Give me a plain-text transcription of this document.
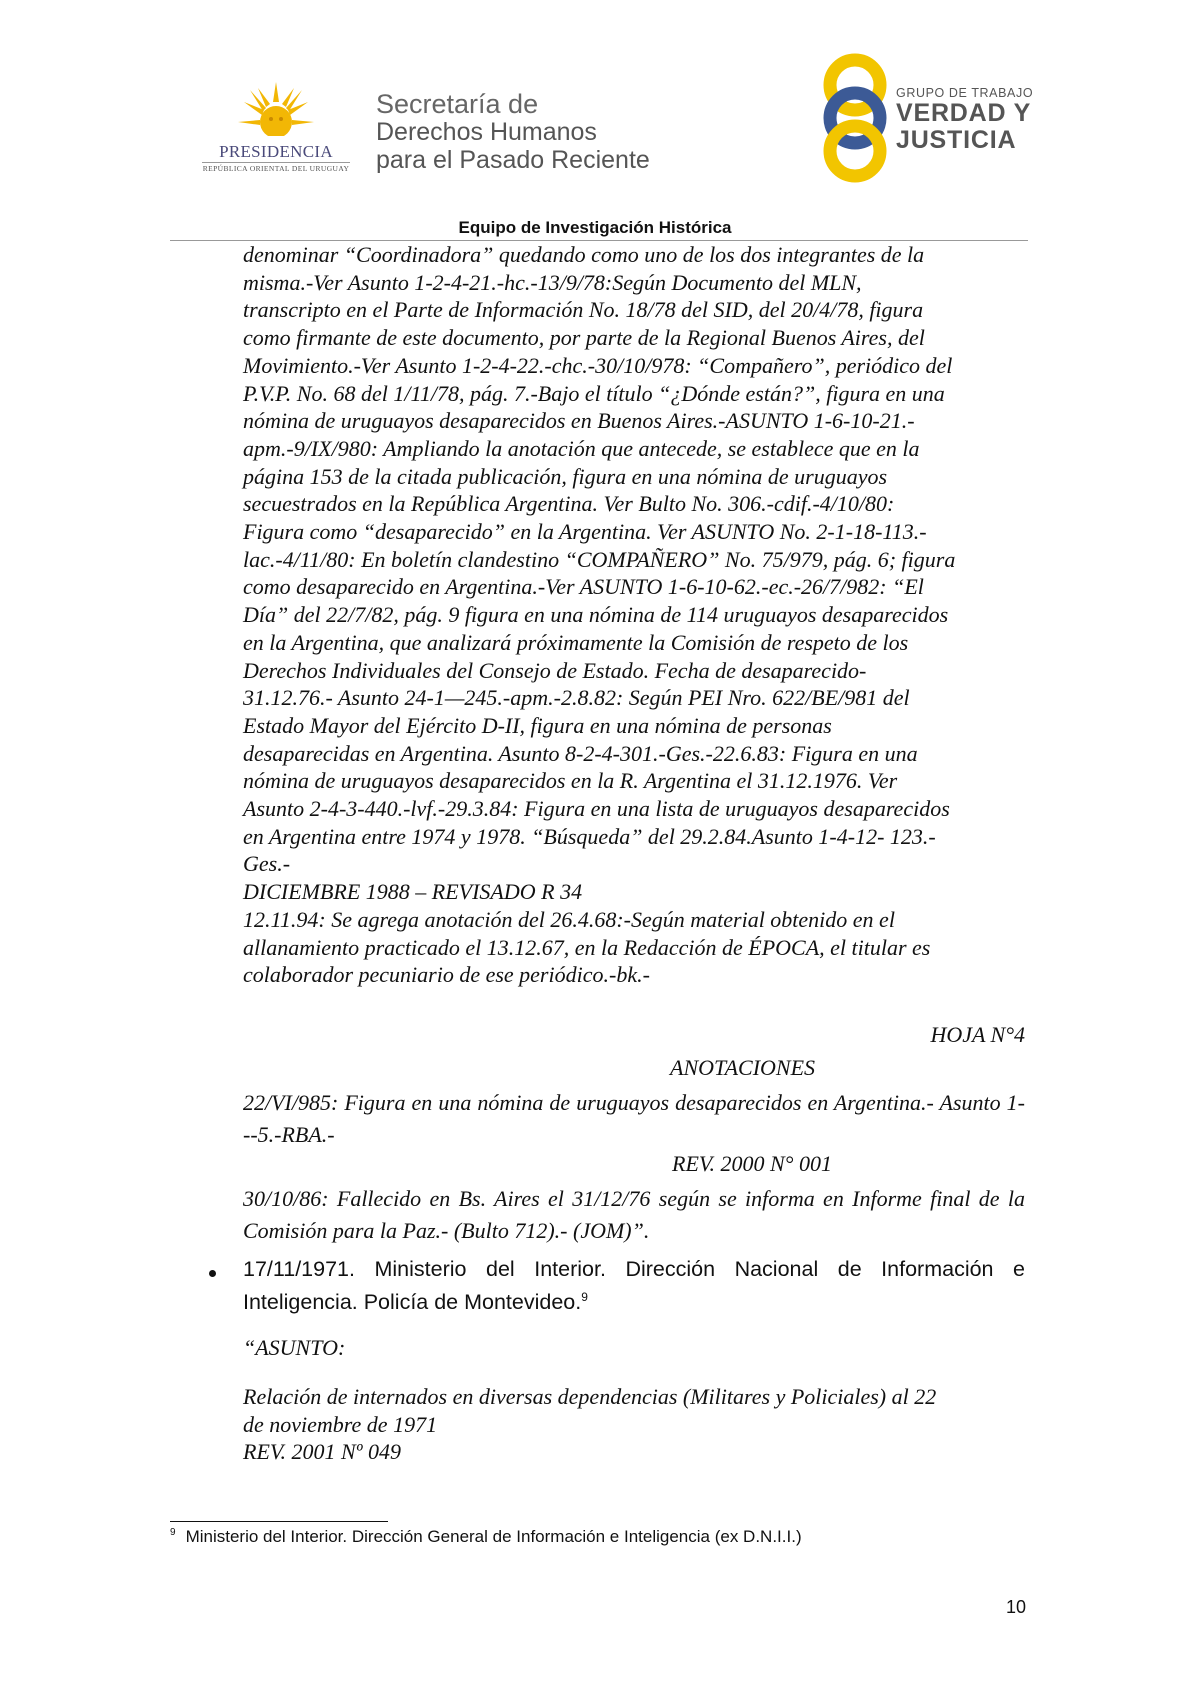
PRESIDENCIA
REPÚBLICA ORIENTAL DEL URUGUAY
Secretaría de
Derechos Humanos
para el Pasado Reciente
GRUPO DE TRABAJO
VERDAD Y
JUSTICIA
Equipo de Investigación Histórica

denominar “Coordinadora” quedando como uno de los dos integrantes de la

misma.-Ver Asunto 1-2-4-21.-hc.-13/9/78:Según Documento del MLN,

transcripto en el Parte de Información No. 18/78 del SID, del 20/4/78, figura

como firmante de este documento, por parte de la Regional Buenos Aires, del

Movimiento.-Ver Asunto 1-2-4-22.-chc.-30/10/978: “Compañero”, periódico del

P.V.P. No. 68 del 1/11/78, pág. 7.-Bajo el título “¿Dónde están?”, figura en una

nómina de uruguayos desaparecidos en Buenos Aires.-ASUNTO 1-6-10-21.-

apm.-9/IX/980: Ampliando la anotación que antecede, se establece que en la

página 153 de la citada publicación, figura en una nómina de uruguayos

secuestrados en la República Argentina. Ver Bulto No. 306.-cdif.-4/10/80:

Figura como “desaparecido” en la Argentina. Ver ASUNTO No. 2-1-18-113.-

lac.-4/11/80: En boletín clandestino “COMPAÑERO” No. 75/979, pág. 6; figura

como desaparecido en Argentina.-Ver ASUNTO 1-6-10-62.-ec.-26/7/982: “El

Día” del 22/7/82, pág. 9 figura en una nómina de 114 uruguayos desaparecidos

en la Argentina, que analizará próximamente la Comisión de respeto de los

Derechos Individuales del Consejo de Estado. Fecha de desaparecido-

31.12.76.- Asunto 24-1—245.-apm.-2.8.82: Según PEI Nro. 622/BE/981 del

Estado Mayor del Ejército D-II, figura en una nómina de personas

desaparecidas en Argentina. Asunto 8-2-4-301.-Ges.-22.6.83: Figura en una

nómina de uruguayos desaparecidos en la R. Argentina el 31.12.1976. Ver

Asunto 2-4-3-440.-lvf.-29.3.84: Figura en una lista de uruguayos desaparecidos

en Argentina entre 1974 y 1978. “Búsqueda” del 29.2.84.Asunto 1-4-12- 123.-

Ges.-

DICIEMBRE 1988 – REVISADO R 34

12.11.94: Se agrega anotación del 26.4.68:-Según material obtenido en el

allanamiento practicado el 13.12.67, en la Redacción de ÉPOCA, el titular es

colaborador pecuniario de ese periódico.-bk.-

HOJA N°4
ANOTACIONES
22/VI/985: Figura en una nómina de uruguayos desaparecidos en Argentina.- Asunto 1---5.-RBA.-
REV. 2000 N° 001
30/10/86: Fallecido en Bs. Aires el 31/12/76 según se informa en Informe final de la Comisión para la Paz.- (Bulto 712).- (JOM)”.
17/11/1971. Ministerio del Interior. Dirección Nacional de Información e Inteligencia. Policía de Montevideo.$^9$
“ASUNTO:

Relación de internados en diversas dependencias (Militares y Policiales) al 22

de noviembre de 1971

REV. 2001 Nº 049

$^9$ Ministerio del Interior. Dirección General de Información e Inteligencia (ex D.N.I.I.)
10
